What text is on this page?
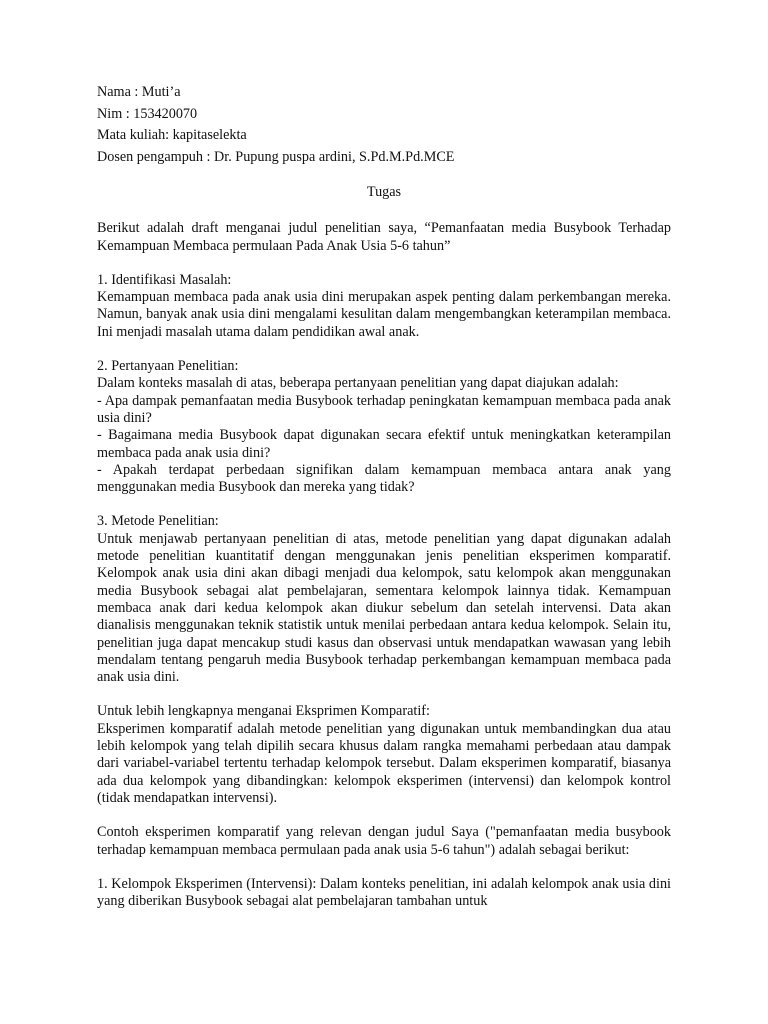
Nama : Muti’a
Nim : 153420070
Mata kuliah: kapitaselekta
Dosen pengampuh : Dr. Pupung puspa ardini, S.Pd.M.Pd.MCE
Tugas

Berikut adalah draft menganai judul penelitian saya, “Pemanfaatan media Busybook Terhadap Kemampuan Membaca permulaan Pada Anak Usia 5-6 tahun”

1. Identifikasi Masalah:
Kemampuan membaca pada anak usia dini merupakan aspek penting dalam perkembangan mereka. Namun, banyak anak usia dini mengalami kesulitan dalam mengembangkan keterampilan membaca. Ini menjadi masalah utama dalam pendidikan awal anak.

2. Pertanyaan Penelitian:
Dalam konteks masalah di atas, beberapa pertanyaan penelitian yang dapat diajukan adalah:
- Apa dampak pemanfaatan media Busybook terhadap peningkatan kemampuan membaca pada anak usia dini?
- Bagaimana media Busybook dapat digunakan secara efektif untuk meningkatkan keterampilan membaca pada anak usia dini?
- Apakah terdapat perbedaan signifikan dalam kemampuan membaca antara anak yang menggunakan media Busybook dan mereka yang tidak?

3. Metode Penelitian:
Untuk menjawab pertanyaan penelitian di atas, metode penelitian yang dapat digunakan adalah metode penelitian kuantitatif dengan menggunakan jenis penelitian eksperimen komparatif. Kelompok anak usia dini akan dibagi menjadi dua kelompok, satu kelompok akan menggunakan media Busybook sebagai alat pembelajaran, sementara kelompok lainnya tidak. Kemampuan membaca anak dari kedua kelompok akan diukur sebelum dan setelah intervensi. Data akan dianalisis menggunakan teknik statistik untuk menilai perbedaan antara kedua kelompok. Selain itu, penelitian juga dapat mencakup studi kasus dan observasi untuk mendapatkan wawasan yang lebih mendalam tentang pengaruh media Busybook terhadap perkembangan kemampuan membaca pada anak usia dini.

Untuk lebih lengkapnya menganai Eksprimen Komparatif:
Eksperimen komparatif adalah metode penelitian yang digunakan untuk membandingkan dua atau lebih kelompok yang telah dipilih secara khusus dalam rangka memahami perbedaan atau dampak dari variabel-variabel tertentu terhadap kelompok tersebut. Dalam eksperimen komparatif, biasanya ada dua kelompok yang dibandingkan: kelompok eksperimen (intervensi) dan kelompok kontrol (tidak mendapatkan intervensi).

Contoh eksperimen komparatif yang relevan dengan judul Saya ("pemanfaatan media busybook terhadap kemampuan membaca permulaan pada anak usia 5-6 tahun") adalah sebagai berikut:

1. Kelompok Eksperimen (Intervensi): Dalam konteks penelitian, ini adalah kelompok anak usia dini yang diberikan Busybook sebagai alat pembelajaran tambahan untuk
